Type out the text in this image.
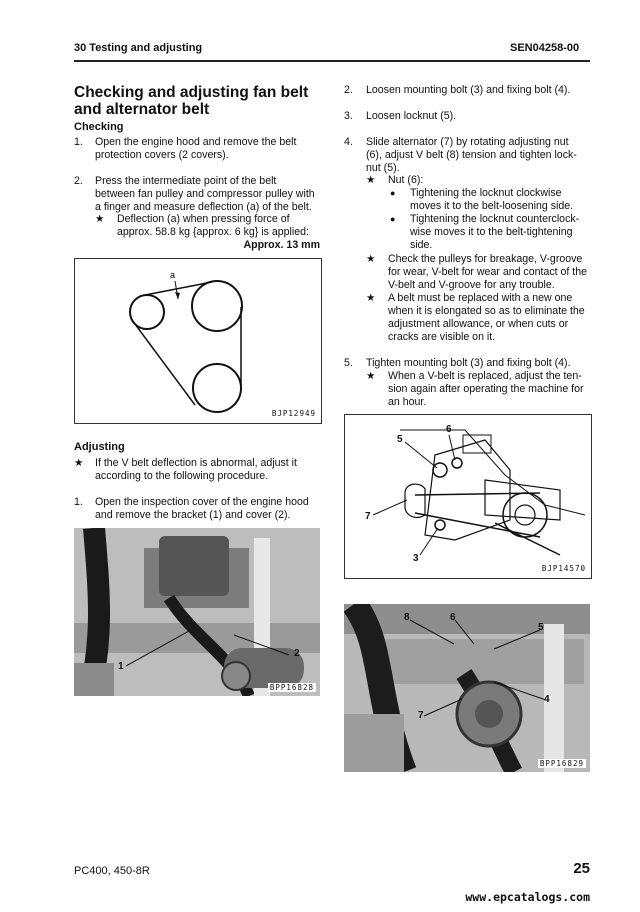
30 Testing and adjusting	SEN04258-00
Checking and adjusting fan belt
and alternator belt
Checking
1. Open the engine hood and remove the belt
protection covers (2 covers).
2. Press the intermediate point of the belt
between fan pulley and compressor pulley with
a finger and measure deflection (a) of the belt.
★ Deflection (a) when pressing force of
approx. 58.8 kg {approx. 6 kg} is applied:
Approx. 13 mm
a
BJP12949
Adjusting
★ If the V belt deflection is abnormal, adjust it
according to the following procedure.
1. Open the inspection cover of the engine hood
and remove the bracket (1) and cover (2).
1
2
BPP16828
2. Loosen mounting bolt (3) and fixing bolt (4).
3. Loosen locknut (5).
4. Slide alternator (7) by rotating adjusting nut
(6), adjust V belt (8) tension and tighten lock-
nut (5).
★ Nut (6):
● Tightening the locknut clockwise
moves it to the belt-loosening side.
● Tightening the locknut counterclock-
wise moves it to the belt-tightening
side.
★ Check the pulleys for breakage, V-groove
for wear, V-belt for wear and contact of the
V-belt and V-groove for any trouble.
★ A belt must be replaced with a new one
when it is elongated so as to eliminate the
adjustment allowance, or when cuts or
cracks are visible on it.
5. Tighten mounting bolt (3) and fixing bolt (4).
★ When a V-belt is replaced, adjust the ten-
sion again after operating the machine for
an hour.
5
6
7
3
BJP14570
8	6
5
4
7
BPP16829
PC400, 450-8R	25
www.epcatalogs.com
